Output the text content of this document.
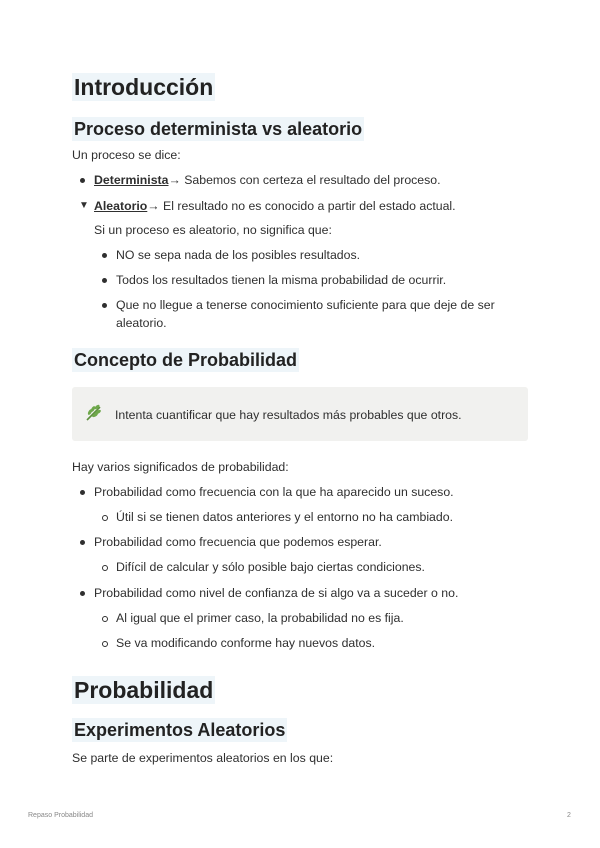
Introducción
Proceso determinista vs aleatorio
Un proceso se dice:
Determinista→ Sabemos con certeza el resultado del proceso.
▼ Aleatorio→ El resultado no es conocido a partir del estado actual.
Si un proceso es aleatorio, no significa que:
NO se sepa nada de los posibles resultados.
Todos los resultados tienen la misma probabilidad de ocurrir.
Que no llegue a tenerse conocimiento suficiente para que deje de ser
aleatorio.
Concepto de Probabilidad
Intenta cuantificar que hay resultados más probables que otros.
Hay varios significados de probabilidad:
Probabilidad como frecuencia con la que ha aparecido un suceso.
Útil si se tienen datos anteriores y el entorno no ha cambiado.
Probabilidad como frecuencia que podemos esperar.
Difícil de calcular y sólo posible bajo ciertas condiciones.
Probabilidad como nivel de confianza de si algo va a suceder o no.
Al igual que el primer caso, la probabilidad no es fija.
Se va modificando conforme hay nuevos datos.
Probabilidad
Experimentos Aleatorios
Se parte de experimentos aleatorios en los que:
Repaso Probabilidad	2
